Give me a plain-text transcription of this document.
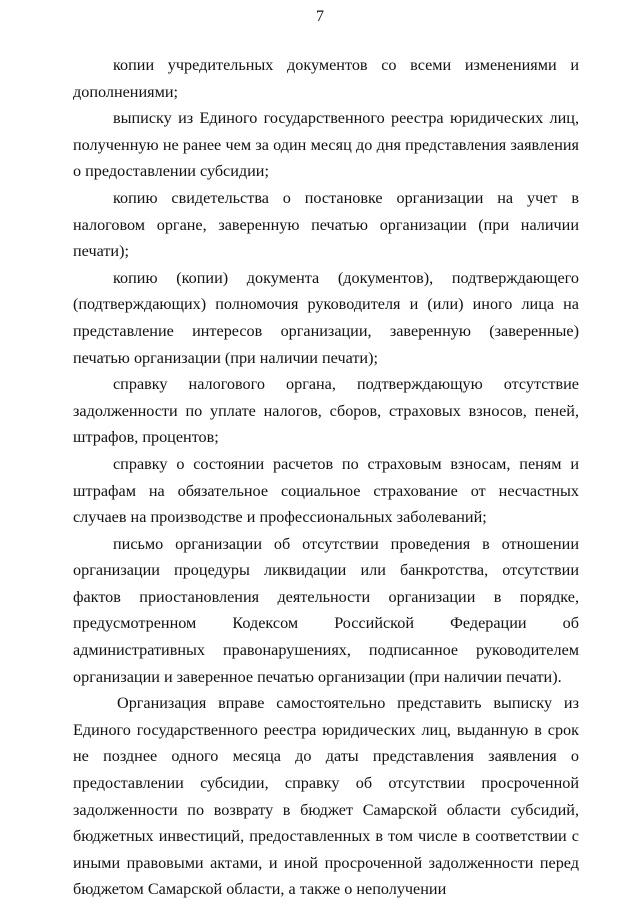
7

копии учредительных документов со всеми изменениями и дополнениями;

выписку из Единого государственного реестра юридических лиц, полученную не ранее чем за один месяц до дня представления заявления о предоставлении субсидии;

копию свидетельства о постановке организации на учет в налоговом органе, заверенную печатью организации (при наличии печати);

копию (копии) документа (документов), подтверждающего (подтверждающих) полномочия руководителя и (или) иного лица на представление интересов организации, заверенную (заверенные) печатью организации (при наличии печати);

справку налогового органа, подтверждающую отсутствие задолженности по уплате налогов, сборов, страховых взносов, пеней, штрафов, процентов;

справку о состоянии расчетов по страховым взносам, пеням и штрафам на обязательное социальное страхование от несчастных случаев на производстве и профессиональных заболеваний;

письмо организации об отсутствии проведения в отношении организации процедуры ликвидации или банкротства, отсутствии фактов приостановления деятельности организации в порядке, предусмотренном Кодексом Российской Федерации об административных правонарушениях, подписанное руководителем организации и заверенное печатью организации (при наличии печати).

Организация вправе самостоятельно представить выписку из Единого государственного реестра юридических лиц, выданную в срок не позднее одного месяца до даты представления заявления о предоставлении субсидии, справку об отсутствии просроченной задолженности по возврату в бюджет Самарской области субсидий, бюджетных инвестиций, предоставленных в том числе в соответствии с иными правовыми актами, и иной просроченной задолженности перед бюджетом Самарской области, а также о неполучении
